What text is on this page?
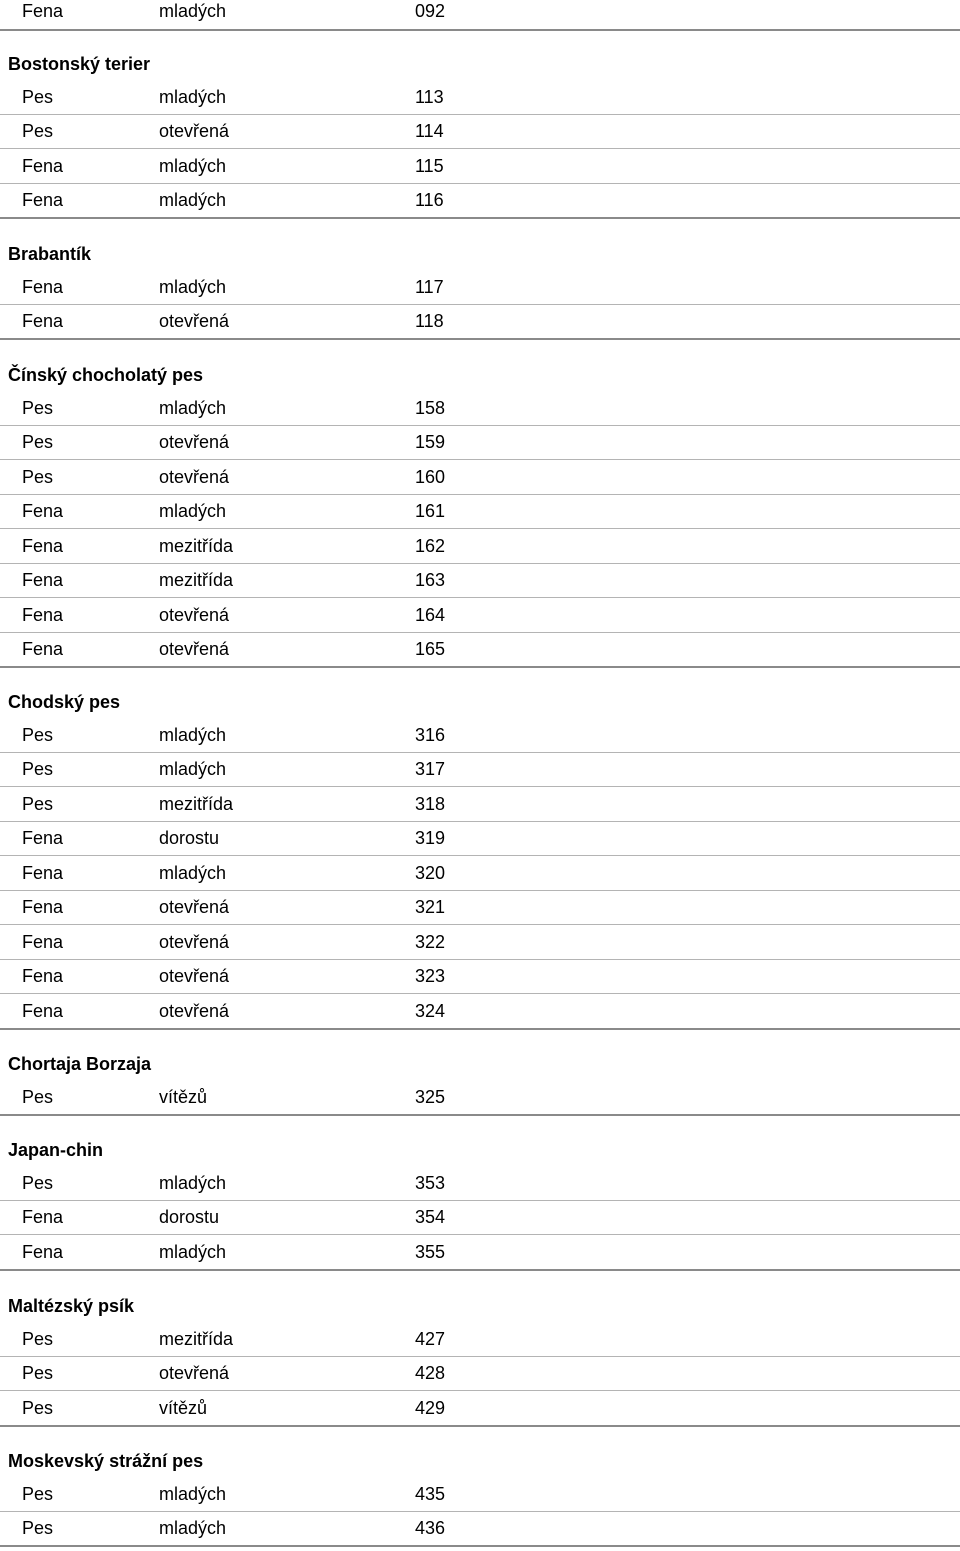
Fena	mladých	092
Bostonský terier
Pes	mladých	113
Pes	otevřená	114
Fena	mladých	115
Fena	mladých	116
Brabantík
Fena	mladých	117
Fena	otevřená	118
Čínský chocholatý pes
Pes	mladých	158
Pes	otevřená	159
Pes	otevřená	160
Fena	mladých	161
Fena	mezitřída	162
Fena	mezitřída	163
Fena	otevřená	164
Fena	otevřená	165
Chodský pes
Pes	mladých	316
Pes	mladých	317
Pes	mezitřída	318
Fena	dorostu	319
Fena	mladých	320
Fena	otevřená	321
Fena	otevřená	322
Fena	otevřená	323
Fena	otevřená	324
Chortaja Borzaja
Pes	vítězů	325
Japan-chin
Pes	mladých	353
Fena	dorostu	354
Fena	mladých	355
Maltézský psík
Pes	mezitřída	427
Pes	otevřená	428
Pes	vítězů	429
Moskevský strážní pes
Pes	mladých	435
Pes	mladých	436
